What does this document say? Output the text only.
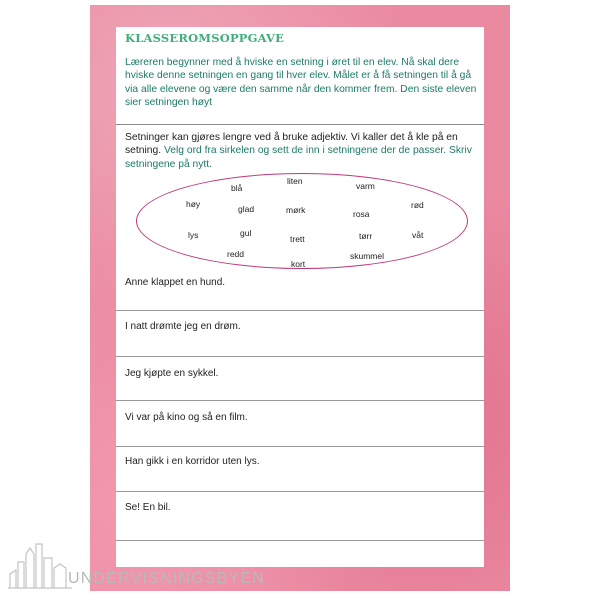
KLASSEROMSOPPGAVE
Læreren begynner med å hviske en setning i øret til en elev. Nå skal dere hviske denne setningen en gang til hver elev. Målet er å få setningen til å gå via alle elevene og være den samme når den kommer frem. Den siste eleven sier setningen høyt
Setninger kan gjøres lengre ved å bruke adjektiv. Vi kaller det å kle på en setning. Velg ord fra sirkelen og sett de inn i setningene der de passer. Skriv setningene på nytt.
liten	varm
blå
høy	rød
glad	mørk	rosa
gul
lys	våt
tørr
trett
redd	skummel
kort
Anne klappet en hund.
I natt drømte jeg en drøm.
Jeg kjøpte en sykkel.
Vi var på kino og så en film.
Han gikk i en korridor uten lys.
Se! En bil.
UNDERVISNINGSBYEN
